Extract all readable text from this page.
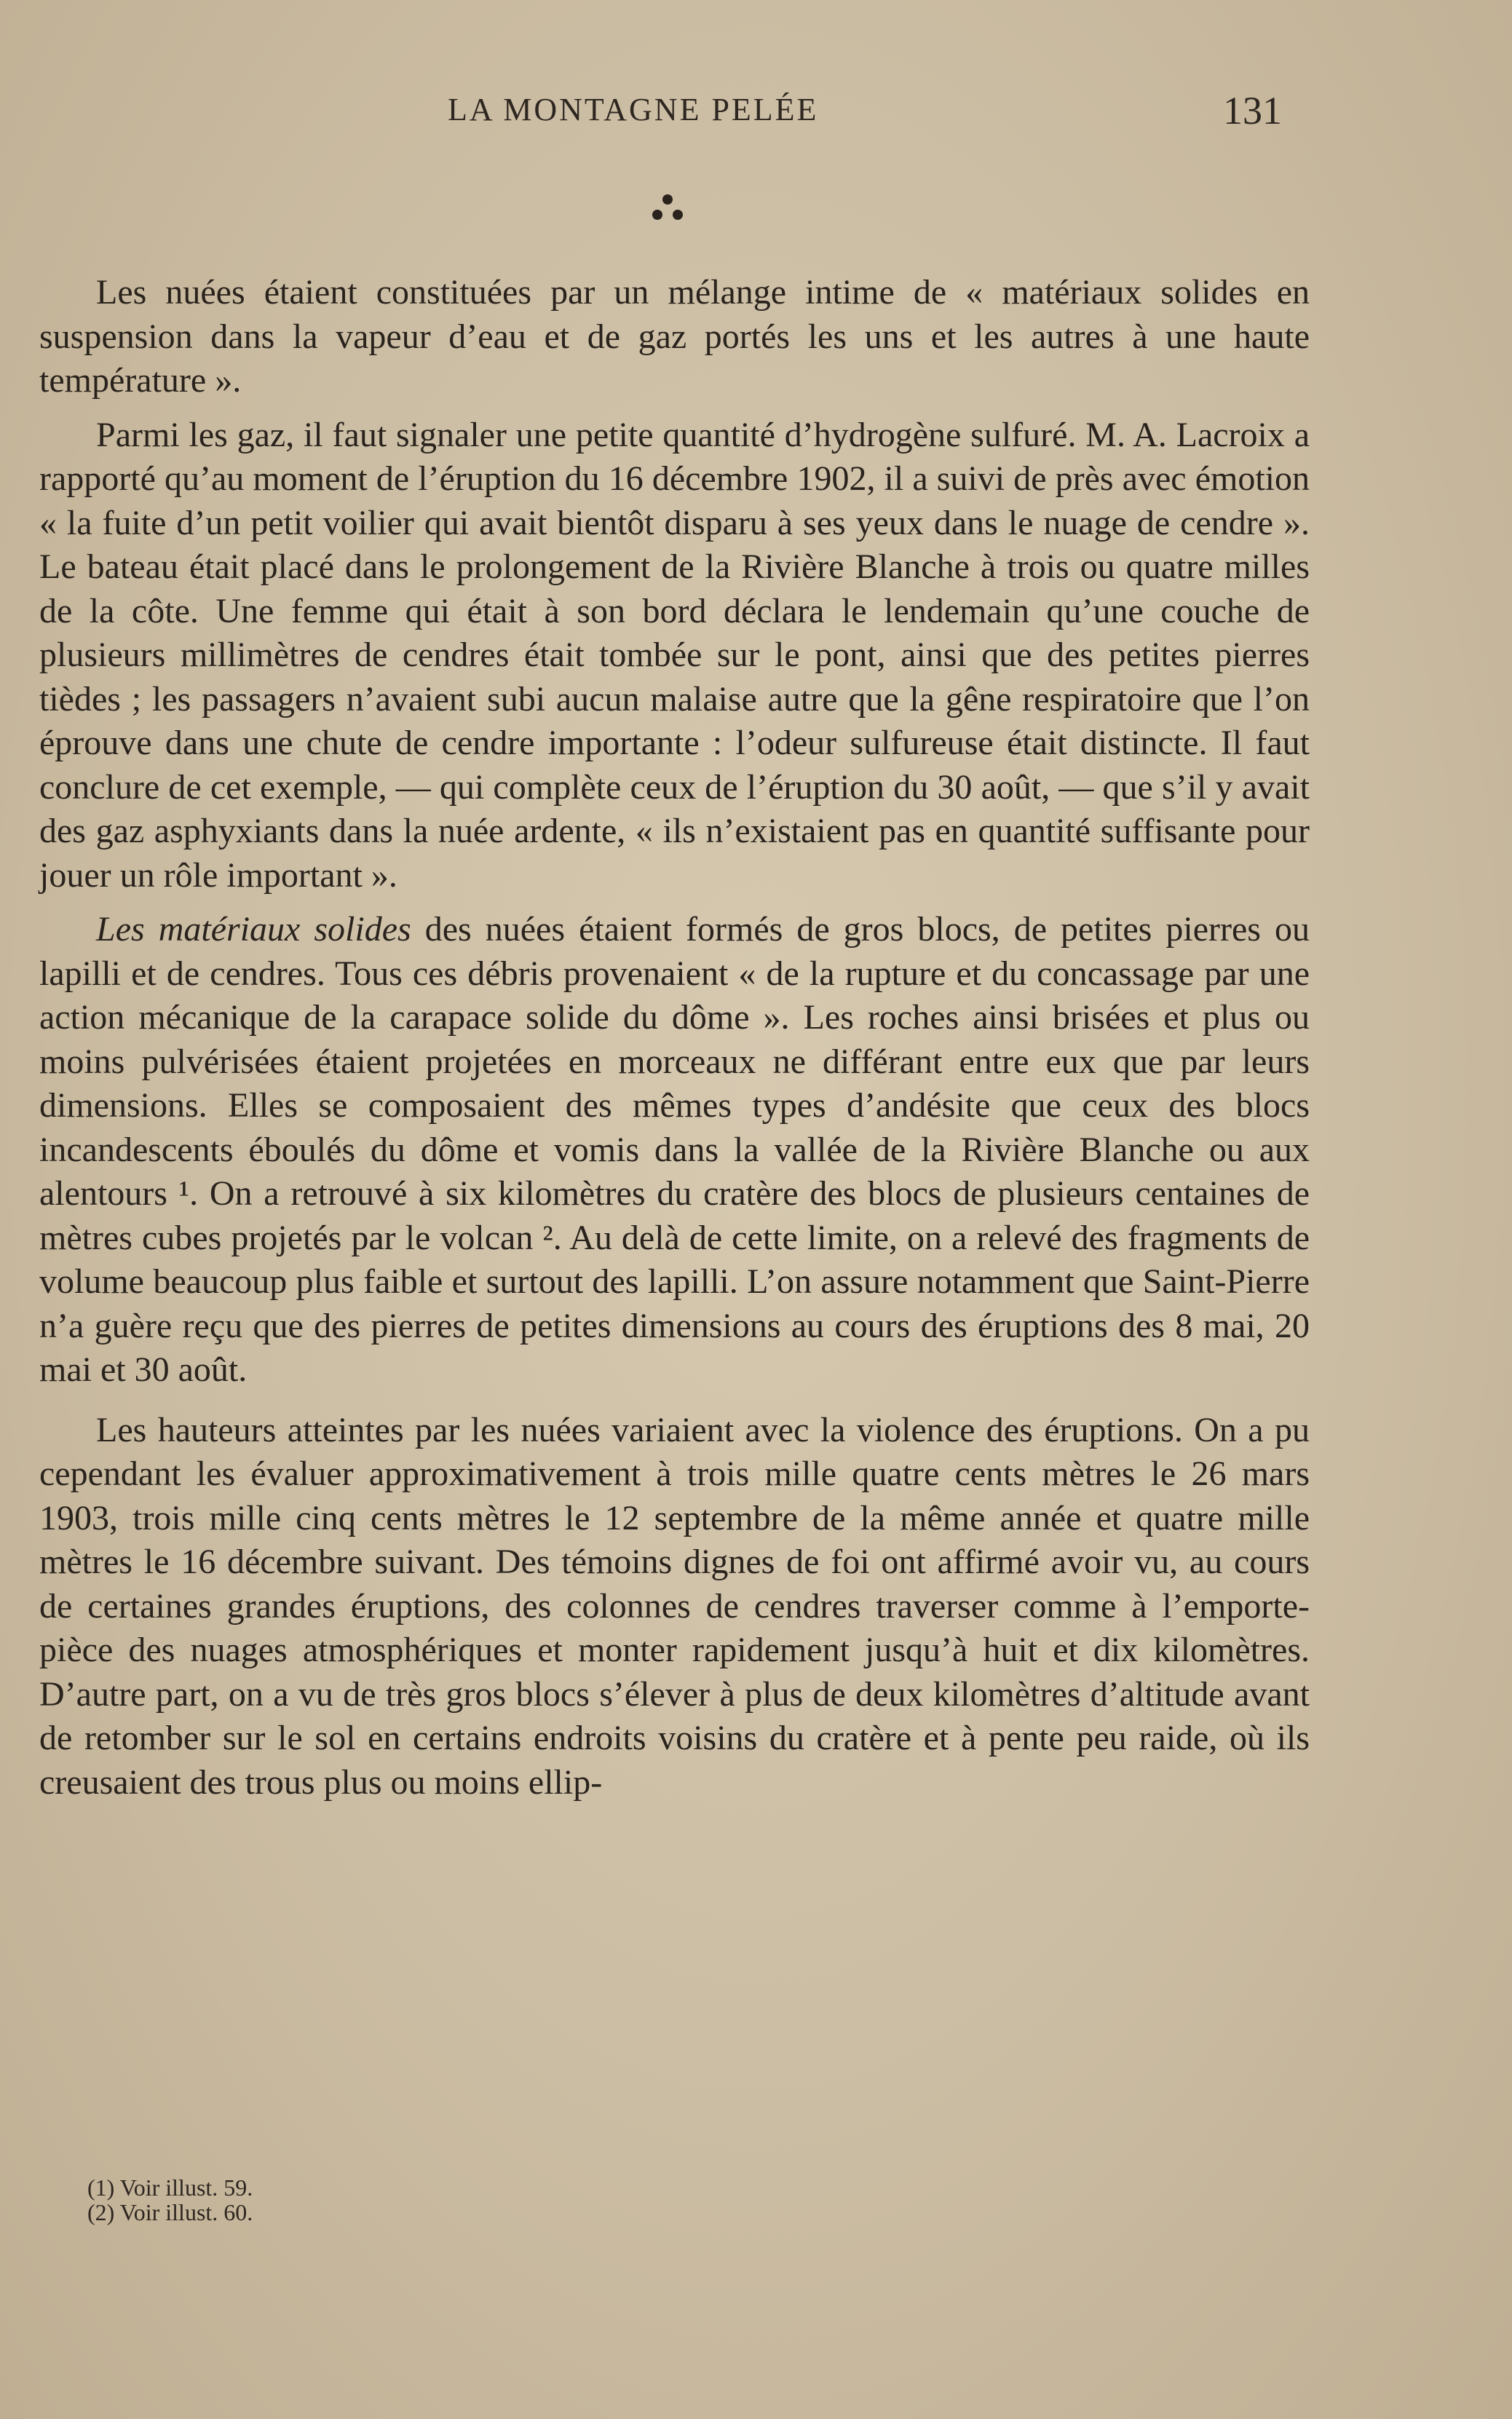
LA MONTAGNE PELÉE	131

Les nuées étaient constituées par un mélange intime de « matériaux solides en suspension dans la vapeur d’eau et de gaz portés les uns et les autres à une haute température ».

Parmi les gaz, il faut signaler une petite quantité d’hydrogène sulfuré. M. A. Lacroix a rapporté qu’au moment de l’éruption du 16 décembre 1902, il a suivi de près avec émotion « la fuite d’un petit voilier qui avait bientôt disparu à ses yeux dans le nuage de cendre ». Le bateau était placé dans le prolongement de la Rivière Blanche à trois ou quatre milles de la côte. Une femme qui était à son bord déclara le lendemain qu’une couche de plusieurs millimètres de cendres était tombée sur le pont, ainsi que des petites pierres tièdes ; les passagers n’avaient subi aucun malaise autre que la gêne respiratoire que l’on éprouve dans une chute de cendre importante : l’odeur sulfureuse était distincte. Il faut conclure de cet exemple, — qui complète ceux de l’éruption du 30 août, — que s’il y avait des gaz asphyxiants dans la nuée ardente, « ils n’existaient pas en quantité suffisante pour jouer un rôle important ».

Les matériaux solides des nuées étaient formés de gros blocs, de petites pierres ou lapilli et de cendres. Tous ces débris provenaient « de la rupture et du concassage par une action mécanique de la carapace solide du dôme ». Les roches ainsi brisées et plus ou moins pulvérisées étaient projetées en morceaux ne différant entre eux que par leurs dimensions. Elles se composaient des mêmes types d’andésite que ceux des blocs incandescents éboulés du dôme et vomis dans la vallée de la Rivière Blanche ou aux alentours ¹. On a retrouvé à six kilomètres du cratère des blocs de plusieurs centaines de mètres cubes projetés par le volcan ². Au delà de cette limite, on a relevé des fragments de volume beaucoup plus faible et surtout des lapilli. L’on assure notamment que Saint-Pierre n’a guère reçu que des pierres de petites dimensions au cours des éruptions des 8 mai, 20 mai et 30 août.

Les hauteurs atteintes par les nuées variaient avec la violence des éruptions. On a pu cependant les évaluer approximativement à trois mille quatre cents mètres le 26 mars 1903, trois mille cinq cents mètres le 12 septembre de la même année et quatre mille mètres le 16 décembre suivant. Des témoins dignes de foi ont affirmé avoir vu, au cours de certaines grandes éruptions, des colonnes de cendres traverser comme à l’emporte-pièce des nuages atmosphériques et monter rapidement jusqu’à huit et dix kilomètres. D’autre part, on a vu de très gros blocs s’élever à plus de deux kilomètres d’altitude avant de retomber sur le sol en certains endroits voisins du cratère et à pente peu raide, où ils creusaient des trous plus ou moins ellip-

(1) Voir illust. 59.

(2) Voir illust. 60.
